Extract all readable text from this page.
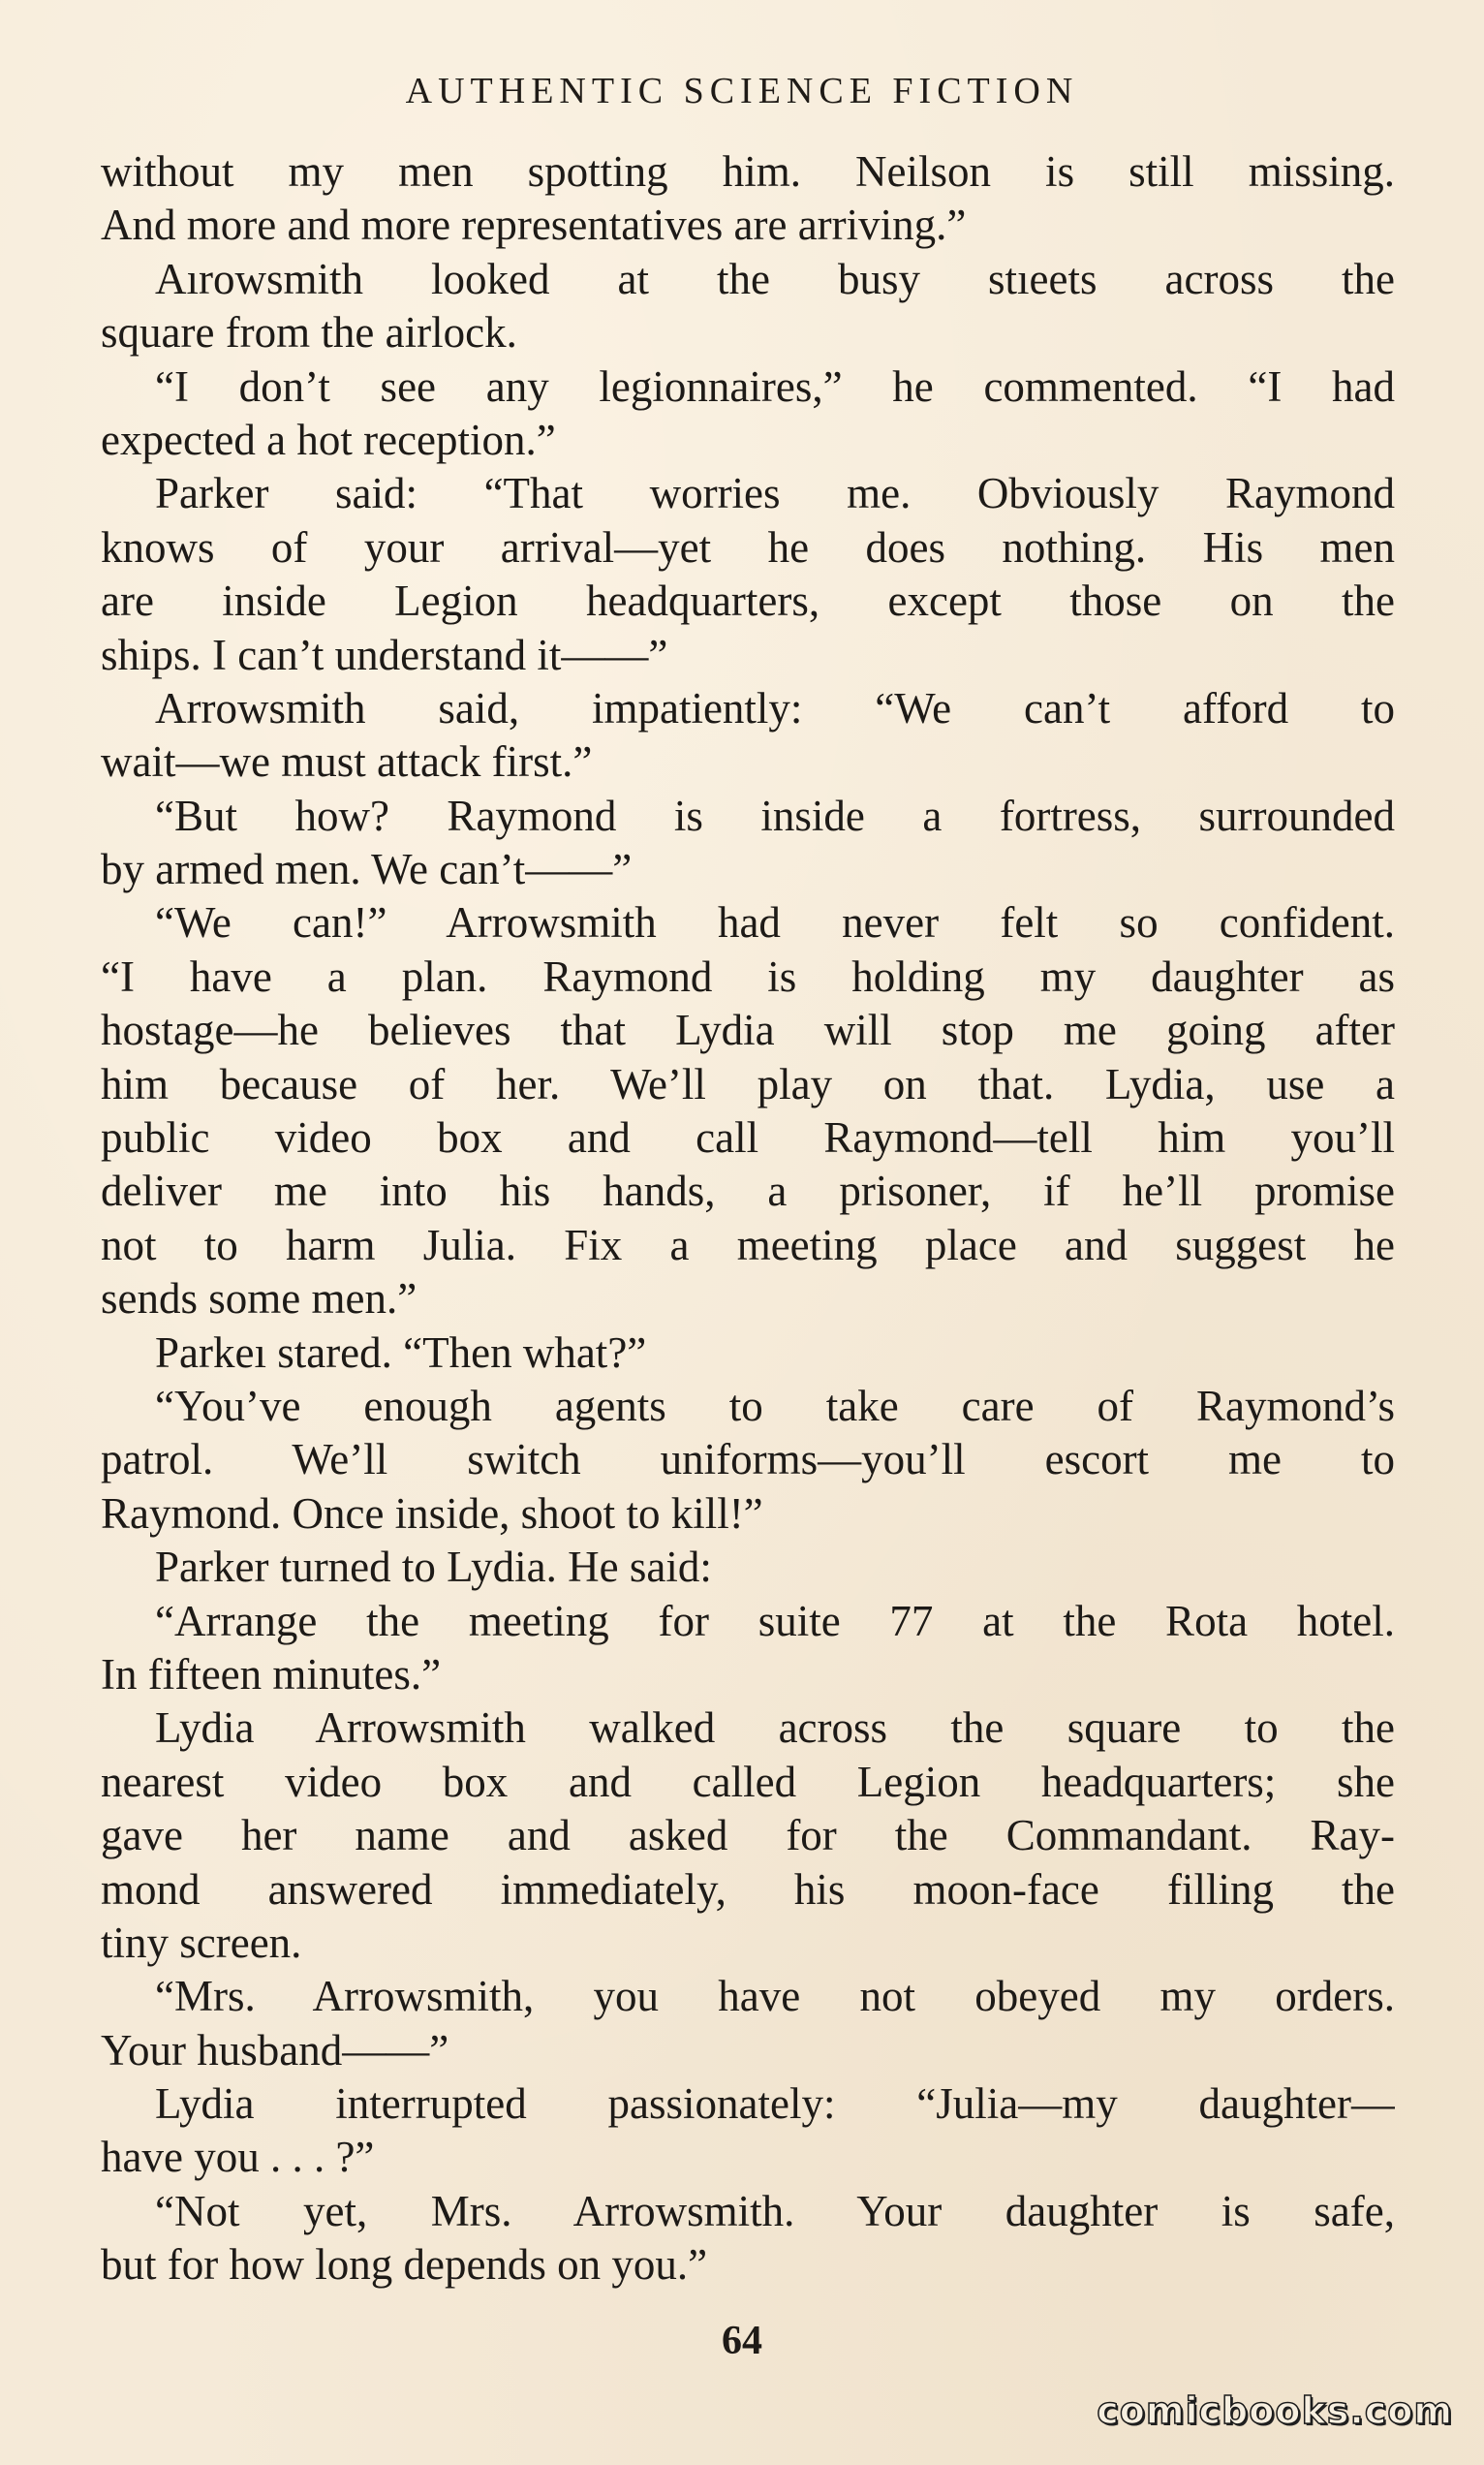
AUTHENTIC SCIENCE FICTION
without my men spotting him. Neilson is still missing.
And more and more representatives are arriving.”
Aırowsmith looked at the busy stıeets across the
square from the airlock.
“I don’t see any legionnaires,” he commented. “I had
expected a hot reception.”
Parker said: “That worries me. Obviously Raymond
knows of your arrival—yet he does nothing. His men
are inside Legion headquarters, except those on the
ships. I can’t understand it——”
Arrowsmith said, impatiently: “We can’t afford to
wait—we must attack first.”
“But how? Raymond is inside a fortress, surrounded
by armed men. We can’t——”
“We can!” Arrowsmith had never felt so confident.
“I have a plan. Raymond is holding my daughter as
hostage—he believes that Lydia will stop me going after
him because of her. We’ll play on that. Lydia, use a
public video box and call Raymond—tell him you’ll
deliver me into his hands, a prisoner, if he’ll promise
not to harm Julia. Fix a meeting place and suggest he
sends some men.”
Parkeı stared. “Then what?”
“You’ve enough agents to take care of Raymond’s
patrol. We’ll switch uniforms—you’ll escort me to
Raymond. Once inside, shoot to kill!”
Parker turned to Lydia. He said:
“Arrange the meeting for suite 77 at the Rota hotel.
In fifteen minutes.”
Lydia Arrowsmith walked across the square to the
nearest video box and called Legion headquarters; she
gave her name and asked for the Commandant. Ray-
mond answered immediately, his moon-face filling the
tiny screen.
“Mrs. Arrowsmith, you have not obeyed my orders.
Your husband——”
Lydia interrupted passionately: “Julia—my daughter—
have you . . . ?”
“Not yet, Mrs. Arrowsmith. Your daughter is safe,
but for how long depends on you.”
64
comicbooks.com
